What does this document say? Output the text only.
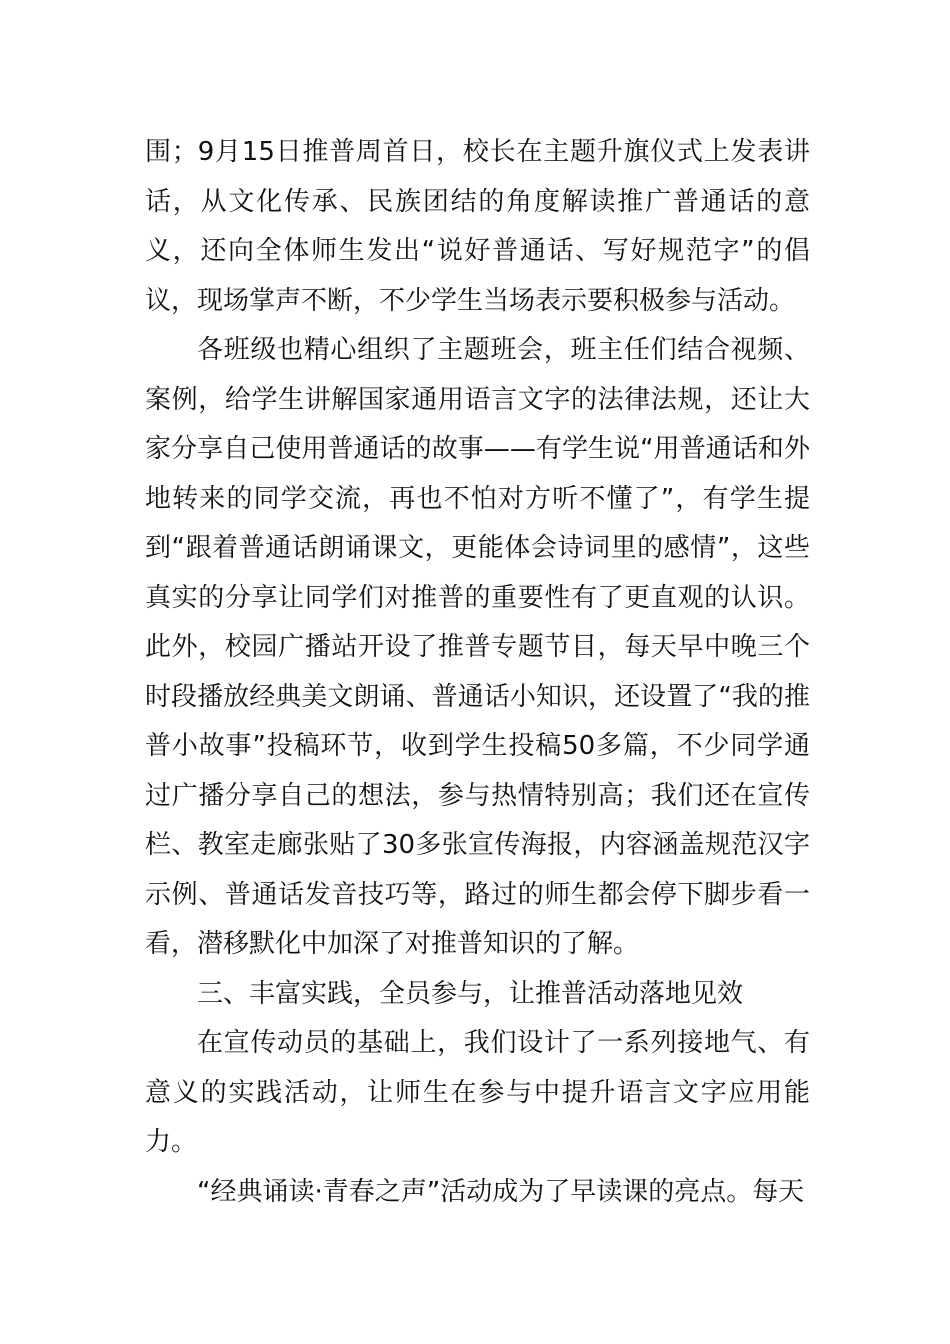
围；9月15日推普周首日，校长在主题升旗仪式上发表讲话，从文化传承、民族团结的角度解读推广普通话的意义，还向全体师生发出“说好普通话、写好规范字”的倡议，现场掌声不断，不少学生当场表示要积极参与活动。

各班级也精心组织了主题班会，班主任们结合视频、案例，给学生讲解国家通用语言文字的法律法规，还让大家分享自己使用普通话的故事——有学生说“用普通话和外地转来的同学交流，再也不怕对方听不懂了”，有学生提到“跟着普通话朗诵课文，更能体会诗词里的感情”，这些真实的分享让同学们对推普的重要性有了更直观的认识。此外，校园广播站开设了推普专题节目，每天早中晚三个时段播放经典美文朗诵、普通话小知识，还设置了“我的推普小故事”投稿环节，收到学生投稿50多篇，不少同学通过广播分享自己的想法，参与热情特别高；我们还在宣传栏、教室走廊张贴了30多张宣传海报，内容涵盖规范汉字示例、普通话发音技巧等，路过的师生都会停下脚步看一看，潜移默化中加深了对推普知识的了解。

三、丰富实践，全员参与，让推普活动落地见效

在宣传动员的基础上，我们设计了一系列接地气、有意义的实践活动，让师生在参与中提升语言文字应用能力。

“经典诵读·青春之声”活动成为了早读课的亮点。每天
